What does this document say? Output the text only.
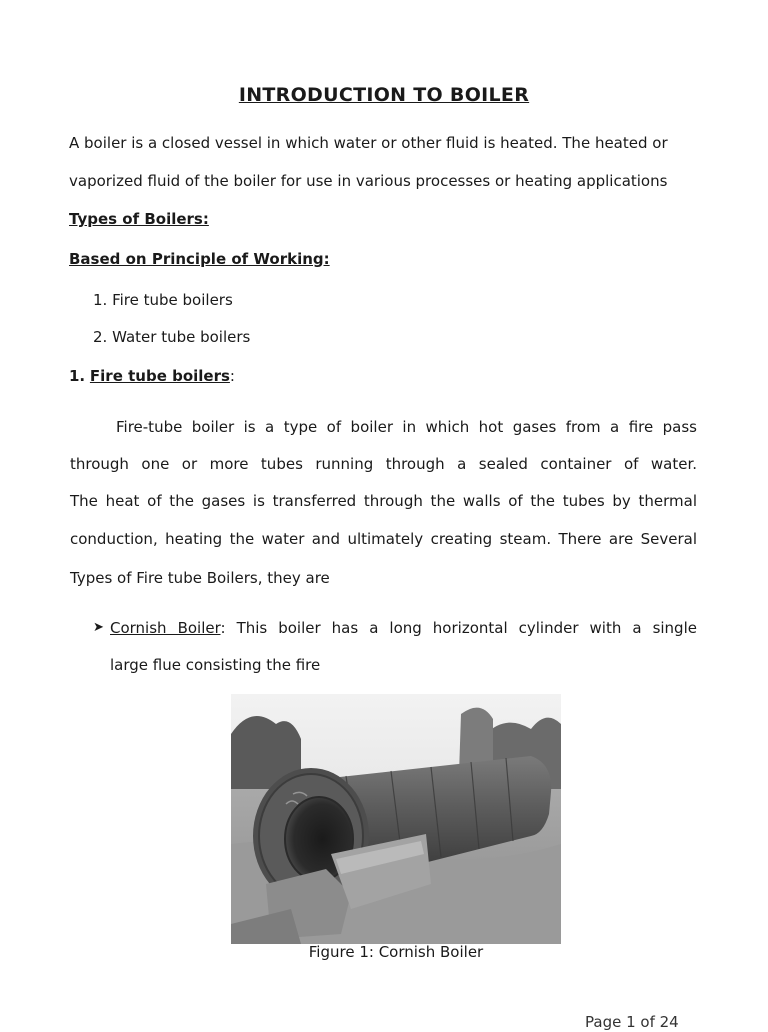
INTRODUCTION TO BOILER
A boiler is a closed vessel in which water or other fluid is heated. The heated or
vaporized fluid of the boiler for use in various processes or heating applications
Types of Boilers:
Based on Principle of Working:
1. Fire tube boilers
2. Water tube boilers
1. Fire tube boilers:
Fire-tube boiler is a type of boiler in which hot gases from a fire pass
through one or more tubes running through a sealed container of water.
The heat of the gases is transferred through the walls of the tubes by thermal
conduction, heating the water and ultimately creating steam. There are Several
Types of Fire tube Boilers, they are
➤ Cornish Boiler: This boiler has a long horizontal cylinder with a single
large flue consisting the fire
Figure 1: Cornish Boiler
Page 1 of 24
